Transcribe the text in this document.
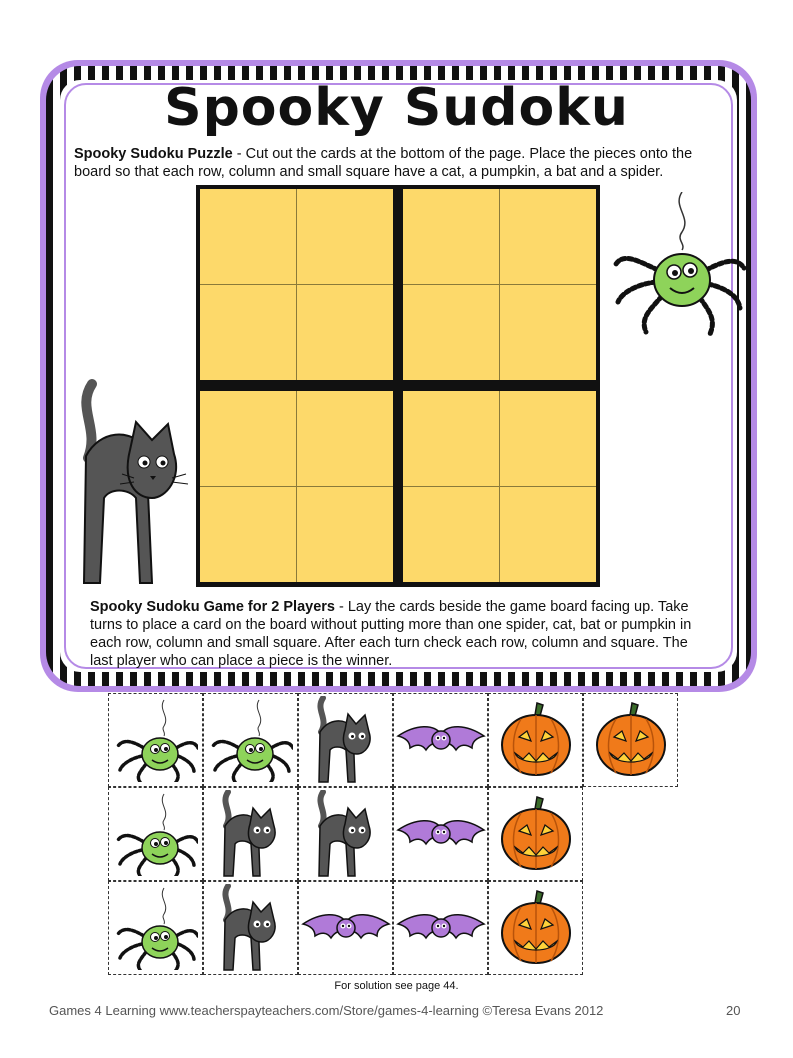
Spooky Sudoku
Spooky Sudoku Puzzle - Cut out the cards at the bottom of the page. Place the pieces onto the board so that each row, column and small square have a cat, a pumpkin, a bat and a spider.
Spooky Sudoku Game for 2 Players - Lay the cards beside the game board facing up. Take turns to place a card on the board without putting more than one spider, cat, bat or pumpkin in each row, column and small square. After each turn check each row, column and square. The last player who can place a piece is the winner.
For solution see page 44.
Games 4 Learning www.teacherspayteachers.com/Store/games-4-learning ©Teresa Evans 2012	20
